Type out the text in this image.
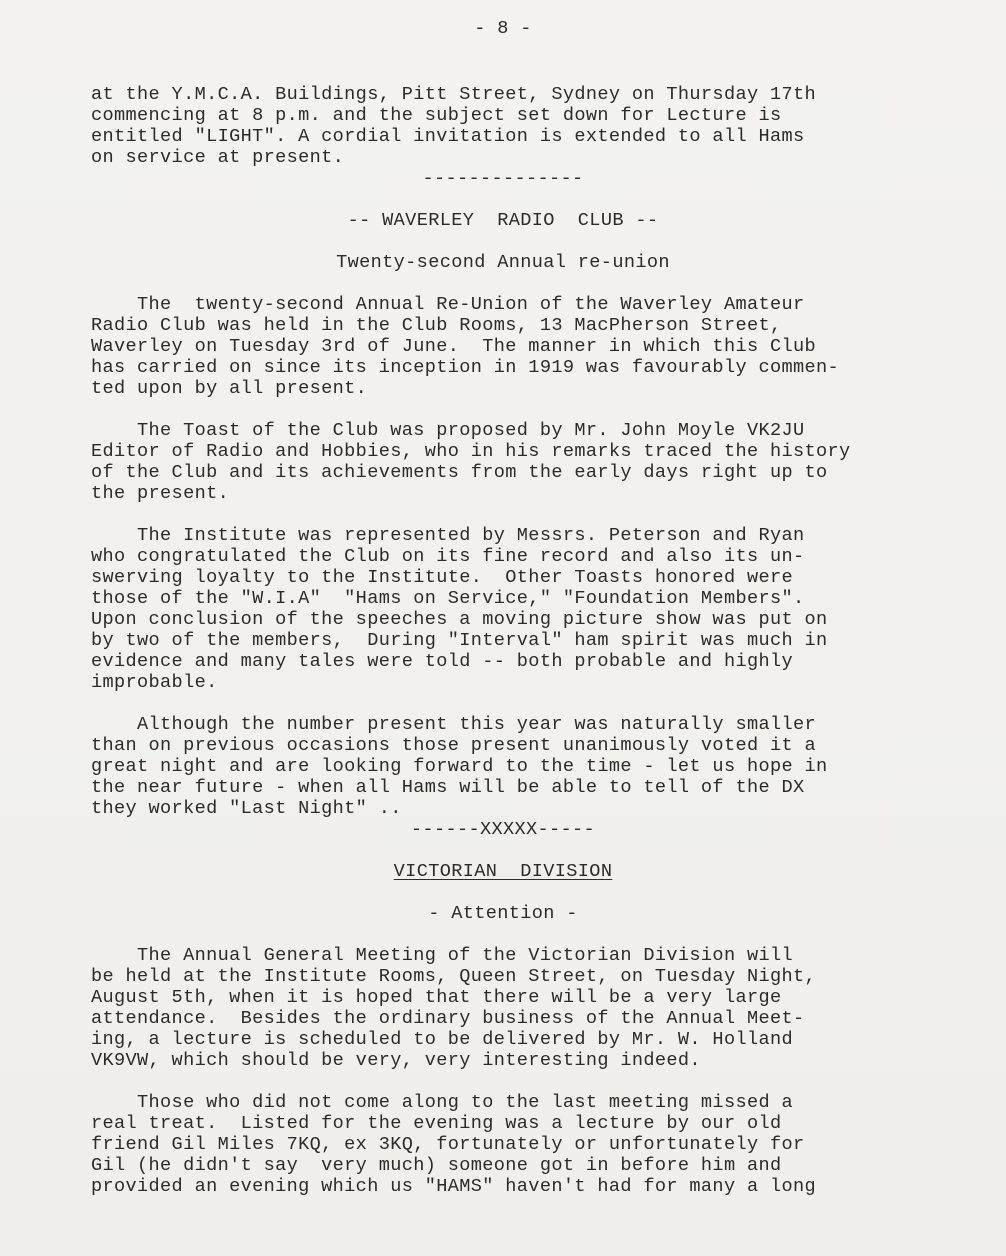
- 8 -
at the Y.M.C.A. Buildings, Pitt Street, Sydney on Thursday 17th
commencing at 8 p.m. and the subject set down for Lecture is
entitled "LIGHT". A cordial invitation is extended to all Hams
on service at present.
--------------
-- WAVERLEY  RADIO  CLUB --
Twenty-second Annual re-union
The  twenty-second Annual Re-Union of the Waverley Amateur
Radio Club was held in the Club Rooms, 13 MacPherson Street,
Waverley on Tuesday 3rd of June.  The manner in which this Club
has carried on since its inception in 1919 was favourably commen-
ted upon by all present.
The Toast of the Club was proposed by Mr. John Moyle VK2JU
Editor of Radio and Hobbies, who in his remarks traced the history
of the Club and its achievements from the early days right up to
the present.
The Institute was represented by Messrs. Peterson and Ryan
who congratulated the Club on its fine record and also its un-
swerving loyalty to the Institute.  Other Toasts honored were
those of the "W.I.A"  "Hams on Service," "Foundation Members".
Upon conclusion of the speeches a moving picture show was put on
by two of the members,  During "Interval" ham spirit was much in
evidence and many tales were told -- both probable and highly
improbable.
Although the number present this year was naturally smaller
than on previous occasions those present unanimously voted it a
great night and are looking forward to the time - let us hope in
the near future - when all Hams will be able to tell of the DX
they worked "Last Night" ..
------XXXXX-----
VICTORIAN  DIVISION
- Attention -
The Annual General Meeting of the Victorian Division will
be held at the Institute Rooms, Queen Street, on Tuesday Night,
August 5th, when it is hoped that there will be a very large
attendance.  Besides the ordinary business of the Annual Meet-
ing, a lecture is scheduled to be delivered by Mr. W. Holland
VK9VW, which should be very, very interesting indeed.
Those who did not come along to the last meeting missed a
real treat.  Listed for the evening was a lecture by our old
friend Gil Miles 7KQ, ex 3KQ, fortunately or unfortunately for
Gil (he didn't say  very much) someone got in before him and
provided an evening which us "HAMS" haven't had for many a long
